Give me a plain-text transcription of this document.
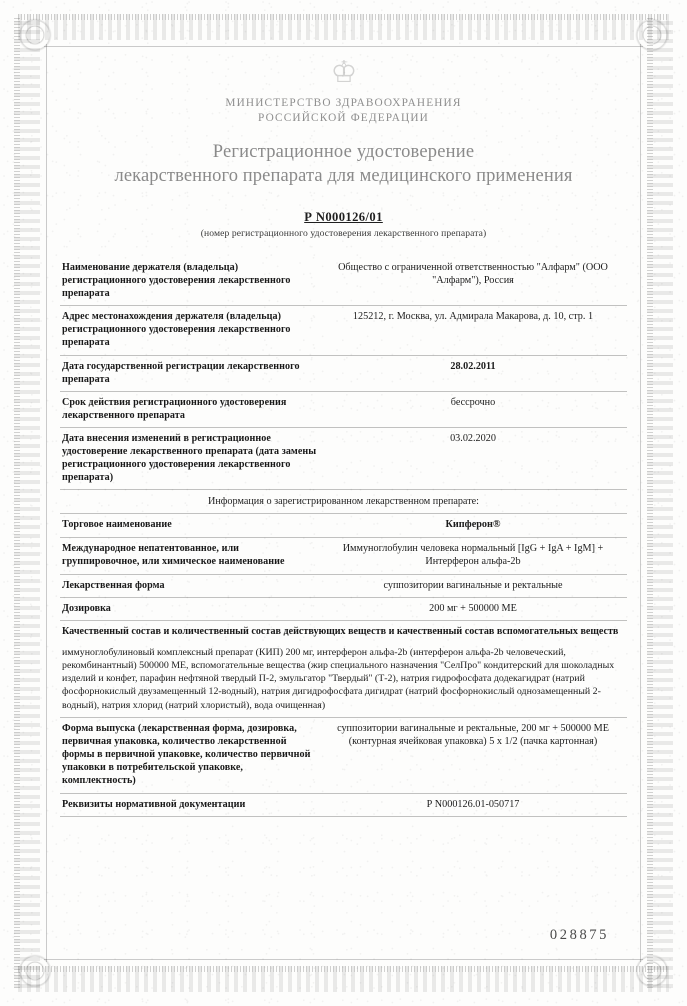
♔
МИНИСТЕРСТВО ЗДРАВООХРАНЕНИЯ
РОССИЙСКОЙ ФЕДЕРАЦИИ
Регистрационное удостоверение
лекарственного препарата для медицинского применения
Р N000126/01
(номер регистрационного удостоверения лекарственного препарата)
Наименование держателя (владельца) регистрационного удостоверения лекарственного препарата	Общество с ограниченной ответственностью "Алфарм" (ООО "Алфарм"), Россия
Адрес местонахождения держателя (владельца) регистрационного удостоверения лекарственного препарата	125212, г. Москва, ул. Адмирала Макарова, д. 10, стр. 1
Дата государственной регистрации лекарственного препарата	28.02.2011
Срок действия регистрационного удостоверения лекарственного препарата	бессрочно
Дата внесения изменений в регистрационное удостоверение лекарственного препарата (дата замены регистрационного удостоверения лекарственного препарата)	03.02.2020
Информация о зарегистрированном лекарственном препарате:	
Торговое наименование	Кипферон®
Международное непатентованное, или группировочное, или химическое наименование	Иммуноглобулин человека нормальный [IgG + IgA + IgM] + Интерферон альфа-2b
Лекарственная форма	суппозитории вагинальные и ректальные
Дозировка	200 мг + 500000 МЕ
Качественный состав и количественный состав действующих веществ и качественный состав вспомогательных веществ	
иммуноглобулиновый комплексный препарат (КИП) 200 мг, интерферон альфа-2b (интерферон альфа-2b человеческий, рекомбинантный) 500000 МЕ, вспомогательные вещества (жир специального назначения "СелПро" кондитерский для шоколадных изделий и конфет, парафин нефтяной твердый П-2, эмульгатор "Твердый" (Т-2), натрия гидрофосфата додекагидрат (натрий фосфорнокислый двузамещенный 12-водный), натрия дигидрофосфата дигидрат (натрий фосфорнокислый однозамещенный 2-водный), натрия хлорид (натрий хлористый), вода очищенная)	
Форма выпуска (лекарственная форма, дозировка, первичная упаковка, количество лекарственной формы в первичной упаковке, количество первичной упаковки в потребительской упаковке, комплектность)	суппозитории вагинальные и ректальные, 200 мг + 500000 МЕ (контурная ячейковая упаковка) 5 х 1/2 (пачка картонная)
Реквизиты нормативной документации	Р N000126.01-050717
028875
